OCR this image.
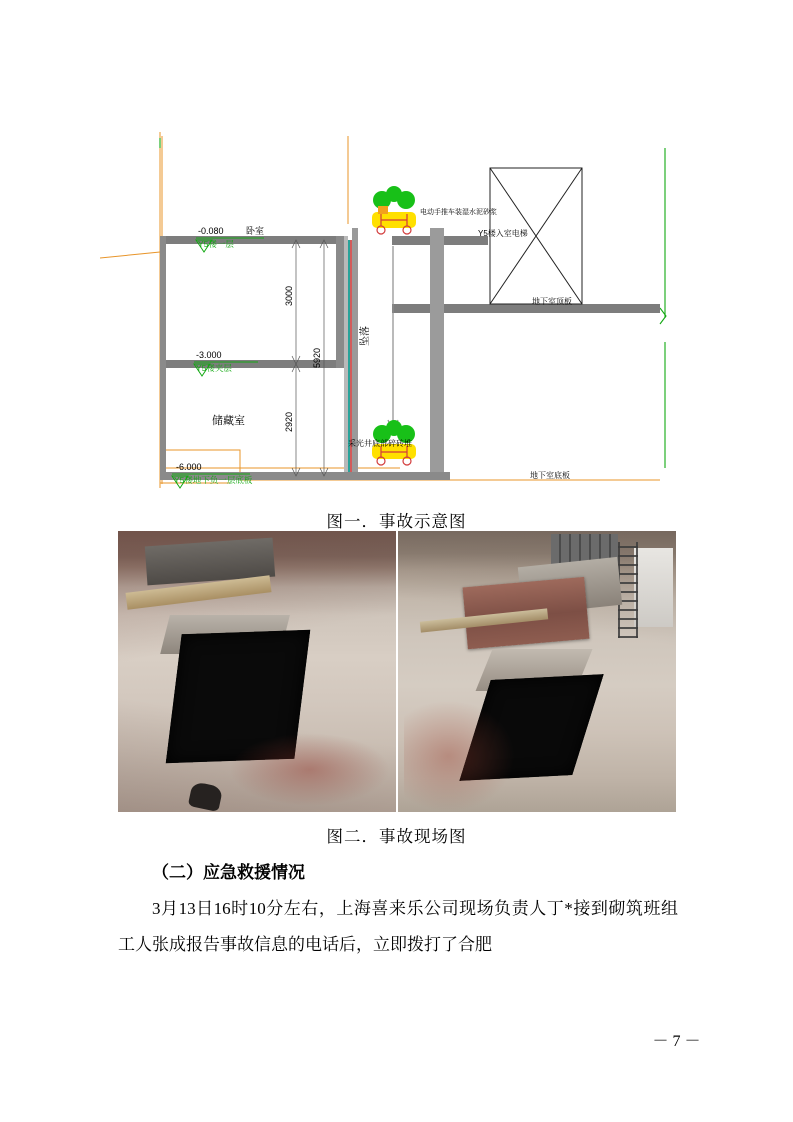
-0.080 卧室
Y5楼一层
-3.000
Y5楼夹层
-6.000
Y5楼地下负一层底板
储藏室
3000
5920
2920
坠落
采光井底部碎砖堆
电动手推车装湿水泥砂浆
Y5楼入室电梯
地下室顶板
地下室底板
图一．事故示意图
图二．事故现场图
（二）应急救援情况
3月13日16时10分左右，上海喜来乐公司现场负责人丁*接到砌筑班组工人张成报告事故信息的电话后，立即拨打了合肥
－ 7 －
